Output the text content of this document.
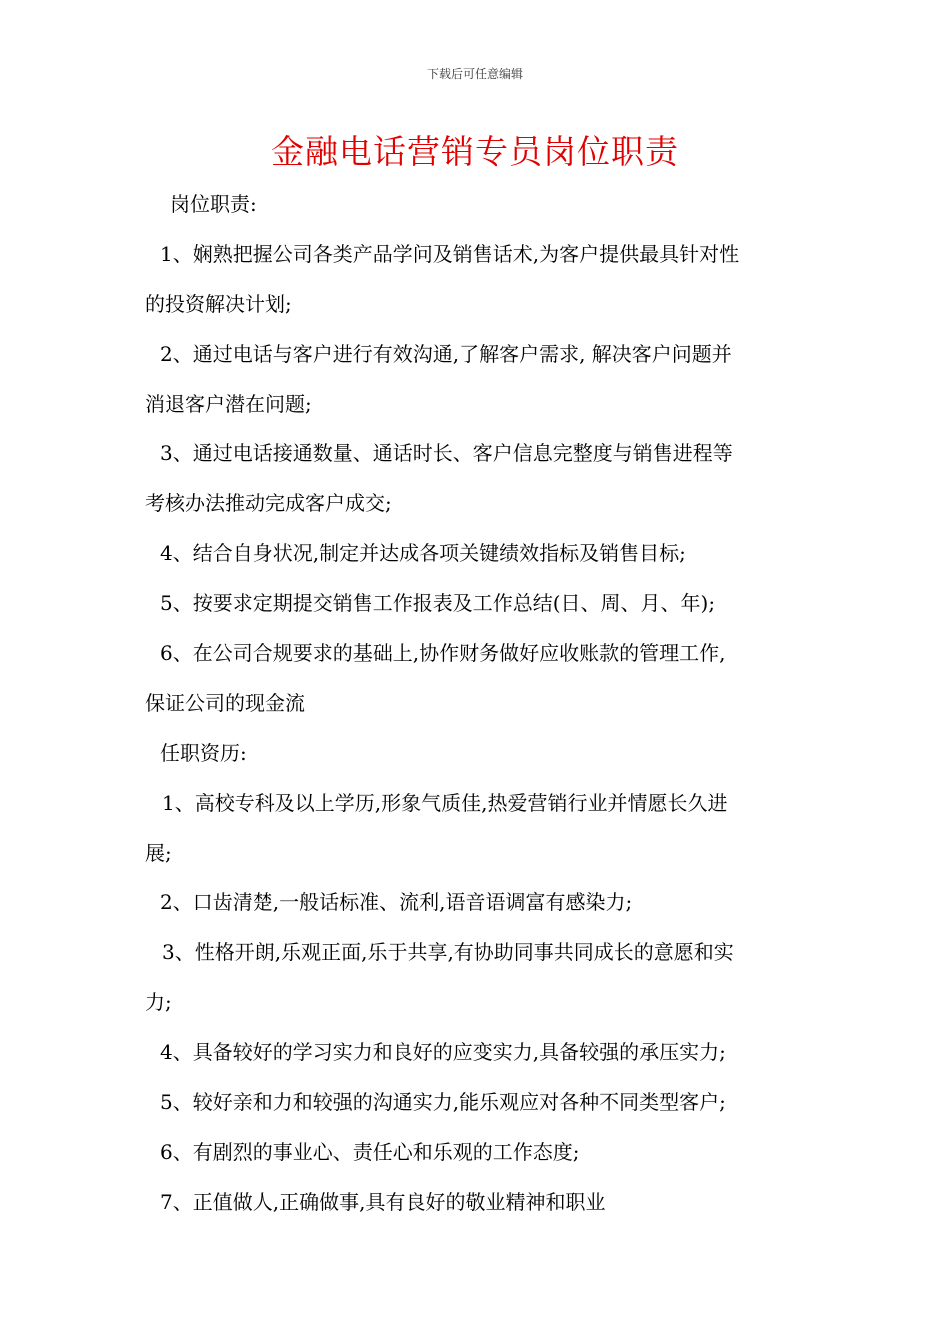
下载后可任意编辑
金融电话营销专员岗位职责
岗位职责:
1、娴熟把握公司各类产品学问及销售话术,为客户提供最具针对性
的投资解决计划;
2、通过电话与客户进行有效沟通,了解客户需求, 解决客户问题并
消退客户潜在问题;
3、通过电话接通数量、通话时长、客户信息完整度与销售进程等
考核办法推动完成客户成交;
4、结合自身状况,制定并达成各项关键绩效指标及销售目标;
5、按要求定期提交销售工作报表及工作总结(日、周、月、年);
6、在公司合规要求的基础上,协作财务做好应收账款的管理工作,
保证公司的现金流
任职资历:
1、高校专科及以上学历,形象气质佳,热爱营销行业并情愿长久进
展;
2、口齿清楚,一般话标准、流利,语音语调富有感染力;
3、性格开朗,乐观正面,乐于共享,有协助同事共同成长的意愿和实
力;
4、具备较好的学习实力和良好的应变实力,具备较强的承压实力;
5、较好亲和力和较强的沟通实力,能乐观应对各种不同类型客户;
6、有剧烈的事业心、责任心和乐观的工作态度;
7、正值做人,正确做事,具有良好的敬业精神和职业
